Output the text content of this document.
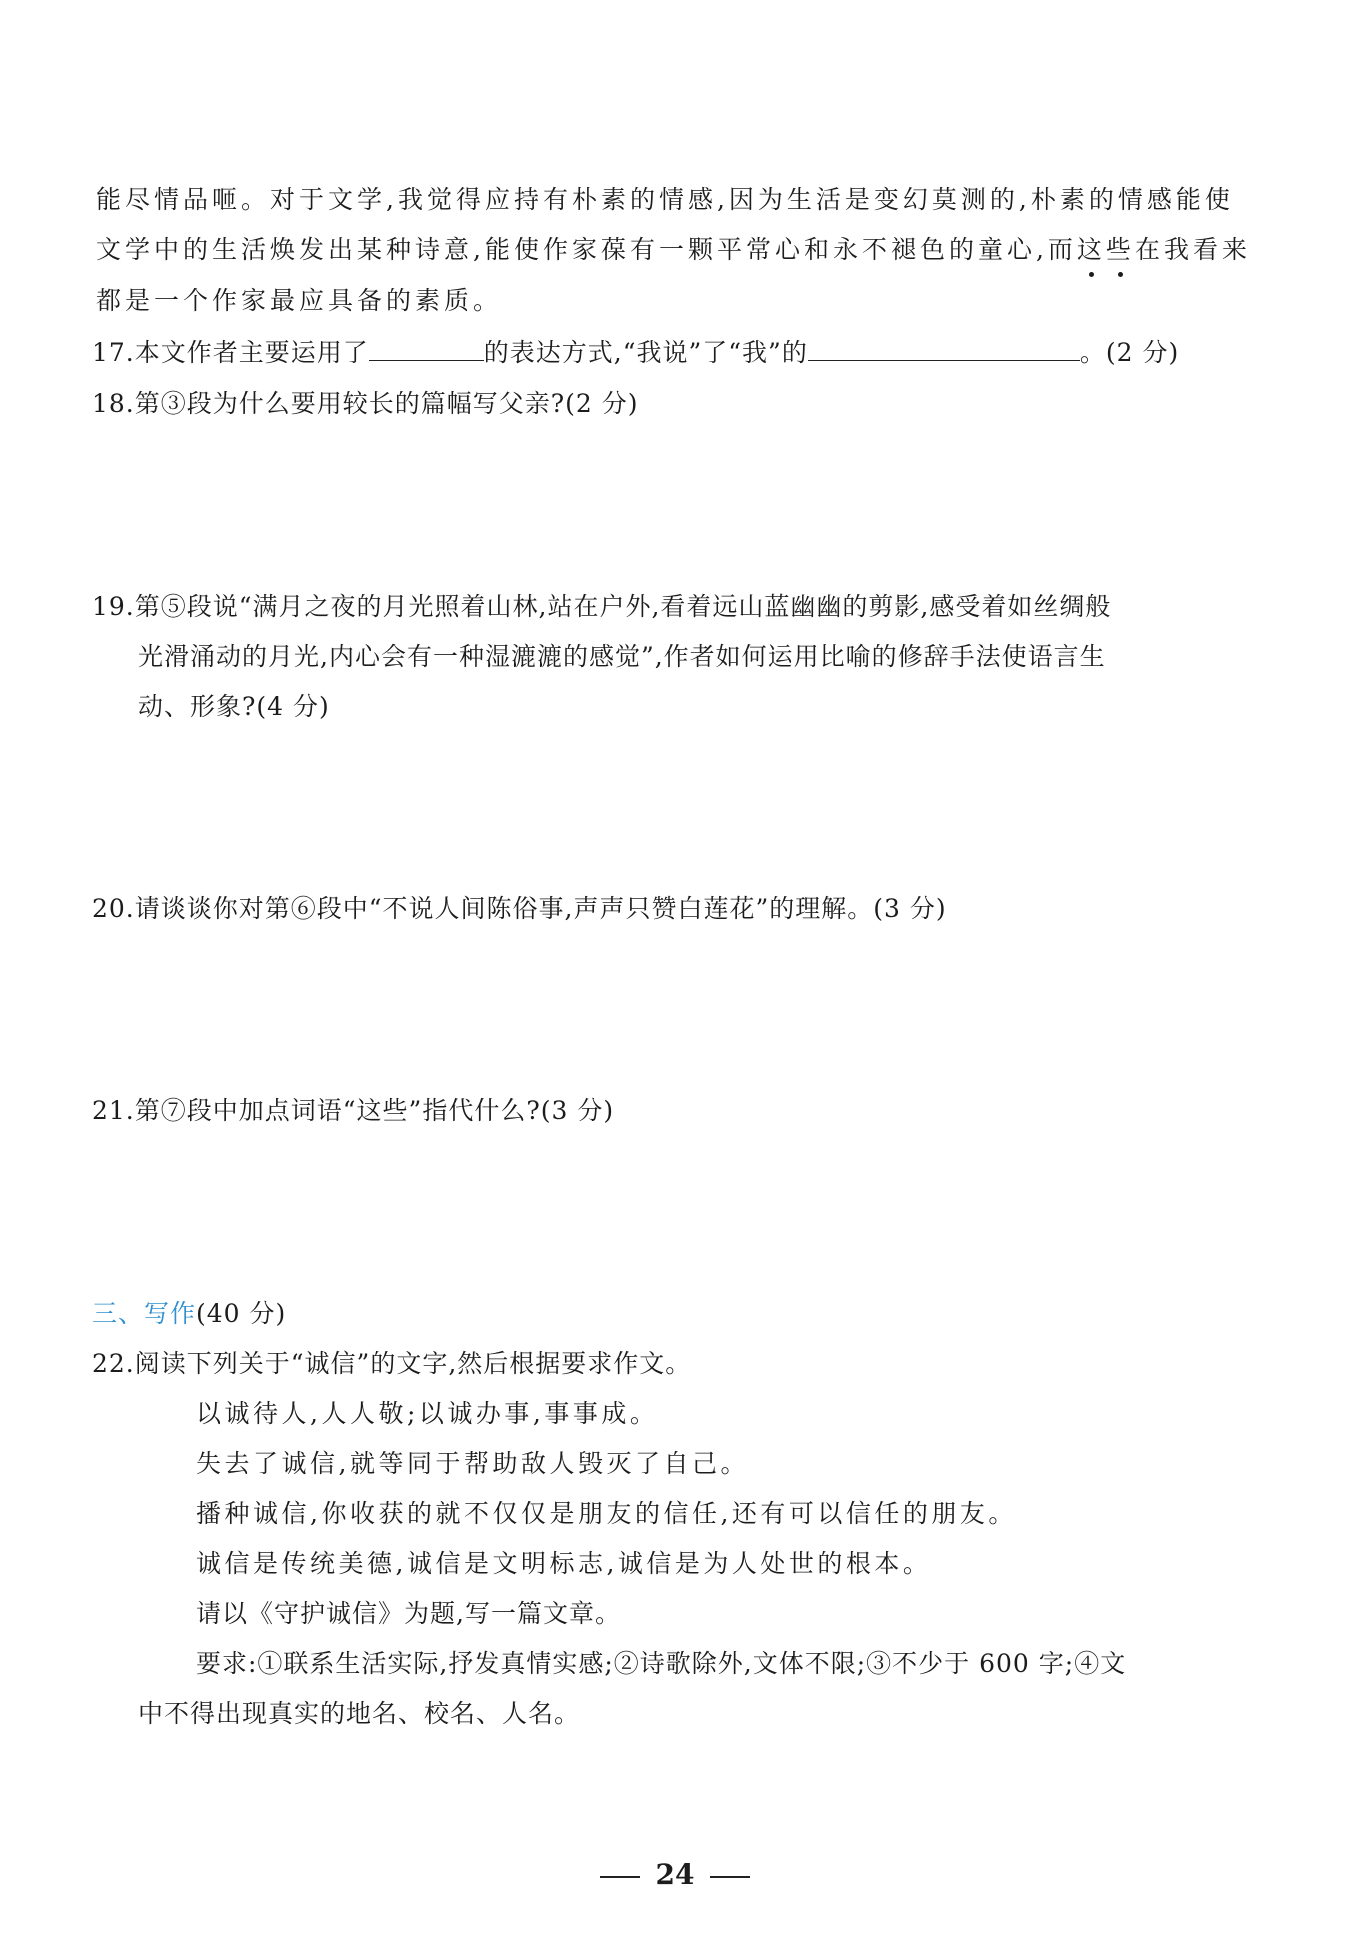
能尽情品咂。对于文学,我觉得应持有朴素的情感,因为生活是变幻莫测的,朴素的情感能使
文学中的生活焕发出某种诗意,能使作家葆有一颗平常心和永不褪色的童心,而这些在我看来
都是一个作家最应具备的素质。
17.本文作者主要运用了	的表达方式,“我说”了“我”的	。(2 分)
18.第③段为什么要用较长的篇幅写父亲?(2 分)
19.第⑤段说“满月之夜的月光照着山林,站在户外,看着远山蓝幽幽的剪影,感受着如丝绸般
光滑涌动的月光,内心会有一种湿漉漉的感觉”,作者如何运用比喻的修辞手法使语言生
动、形象?(4 分)
20.请谈谈你对第⑥段中“不说人间陈俗事,声声只赞白莲花”的理解。(3 分)
21.第⑦段中加点词语“这些”指代什么?(3 分)
三、写作(40 分)
22.阅读下列关于“诚信”的文字,然后根据要求作文。
以诚待人,人人敬;以诚办事,事事成。
失去了诚信,就等同于帮助敌人毁灭了自己。
播种诚信,你收获的就不仅仅是朋友的信任,还有可以信任的朋友。
诚信是传统美德,诚信是文明标志,诚信是为人处世的根本。
请以《守护诚信》为题,写一篇文章。
要求:①联系生活实际,抒发真情实感;②诗歌除外,文体不限;③不少于 600 字;④文
中不得出现真实的地名、校名、人名。
24
